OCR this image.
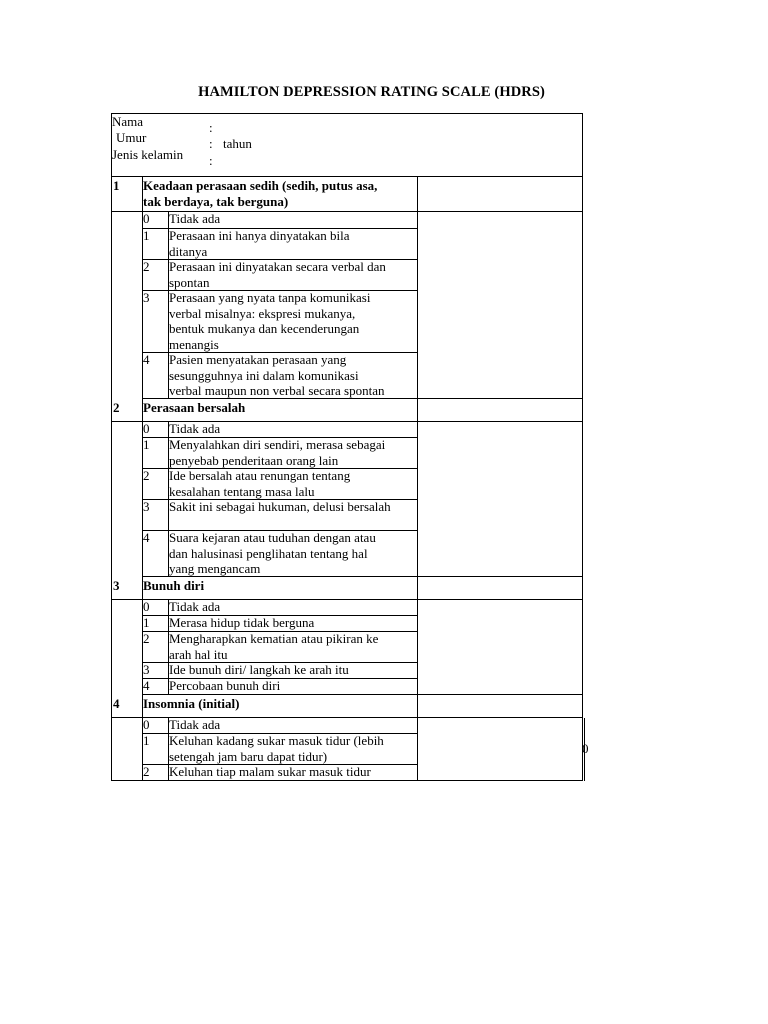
HAMILTON DEPRESSION RATING SCALE (HDRS)
Nama
Umur
Jenis kelamin
:
: tahun
:
1 Keadaan perasaan sedih (sedih, putus asa,
tak berdaya, tak berguna)
0 Tidak ada
1 Perasaan ini hanya dinyatakan bila
ditanya
2 Perasaan ini dinyatakan secara verbal dan
spontan
3 Perasaan yang nyata tanpa komunikasi
verbal misalnya: ekspresi mukanya,
bentuk mukanya dan kecenderungan
menangis
4 Pasien menyatakan perasaan yang
sesungguhnya ini dalam komunikasi
verbal maupun non verbal secara spontan
2 Perasaan bersalah
0 Tidak ada
1 Menyalahkan diri sendiri, merasa sebagai
penyebab penderitaan orang lain
2 Ide bersalah atau renungan tentang
kesalahan tentang masa lalu
3 Sakit ini sebagai hukuman, delusi bersalah
4 Suara kejaran atau tuduhan dengan atau
dan halusinasi penglihatan tentang hal
yang mengancam
3 Bunuh diri
0 Tidak ada
1 Merasa hidup tidak berguna
2 Mengharapkan kematian atau pikiran ke
arah hal itu
3 Ide bunuh diri/ langkah ke arah itu
4 Percobaan bunuh diri
4 Insomnia (initial)
0 Tidak ada
1 Keluhan kadang sukar masuk tidur (lebih
setengah jam baru dapat tidur)
2 Keluhan tiap malam sukar masuk tidur
0
